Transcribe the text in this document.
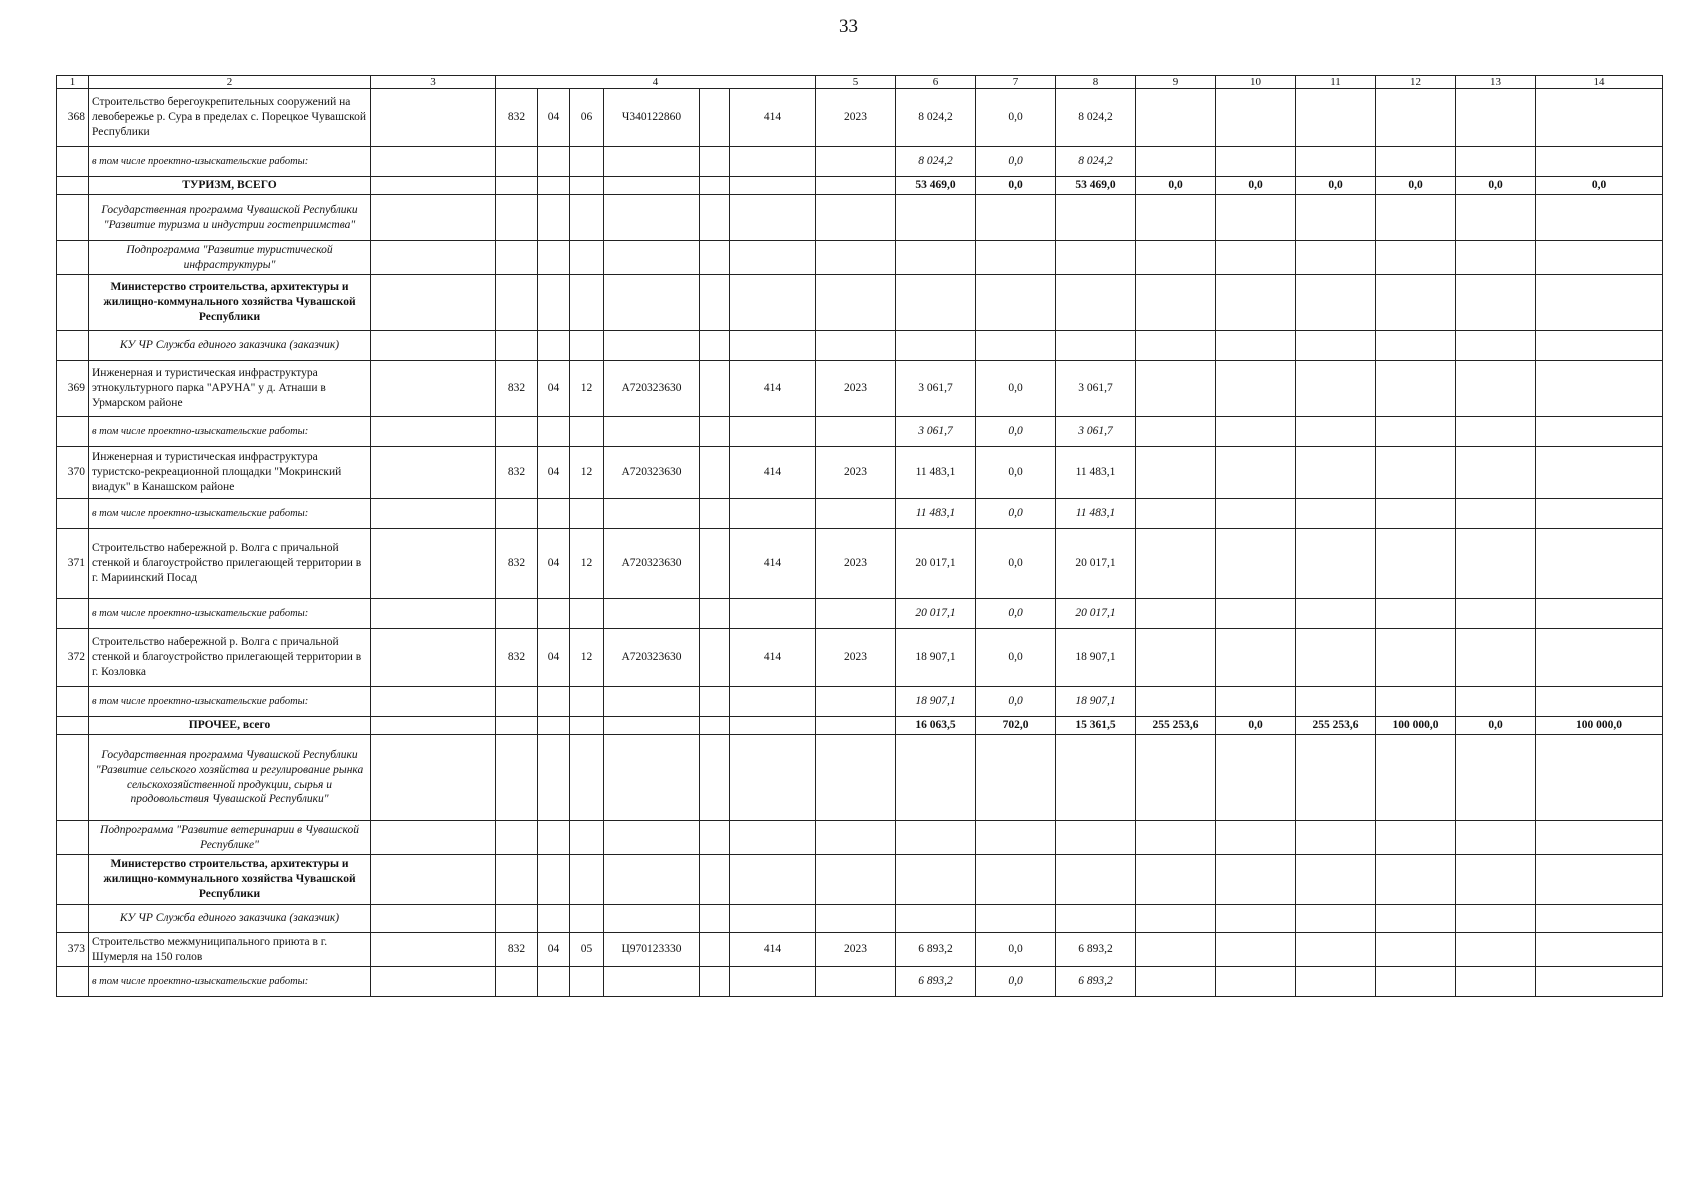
33
1	2	3	4						5	6	7	8	9	10	11	12	13	14
368	Строительство берегоукрепительных сооружений на левобережье р. Сура в пределах с. Порецкое Чувашской Республики		832	04	06	Ч340122860		414	2023	8 024,2	0,0	8 024,2						
	в том числе проектно-изыскательские работы:									8 024,2	0,0	8 024,2						
	ТУРИЗМ, ВСЕГО									53 469,0	0,0	53 469,0	0,0	0,0	0,0	0,0	0,0	0,0
	Государственная программа Чувашской Республики "Развитие туризма и индустрии гостеприимства"																	
	Подпрограмма "Развитие туристической инфраструктуры"																	
	Министерство строительства, архитектуры и жилищно-коммунального хозяйства Чувашской Республики																	
	КУ ЧР Служба единого заказчика (заказчик)																	
369	Инженерная и туристическая инфраструктура этнокультурного парка "АРУНА" у д. Атнаши в Урмарском районе		832	04	12	А720323630		414	2023	3 061,7	0,0	3 061,7						
	в том числе проектно-изыскательские работы:									3 061,7	0,0	3 061,7						
370	Инженерная и туристическая инфраструктура туристско-рекреационной площадки "Мокринский виадук" в Канашском районе		832	04	12	А720323630		414	2023	11 483,1	0,0	11 483,1						
	в том числе проектно-изыскательские работы:									11 483,1	0,0	11 483,1						
371	Строительство набережной р. Волга с причальной стенкой и благоустройство прилегающей территории в г. Мариинский Посад		832	04	12	А720323630		414	2023	20 017,1	0,0	20 017,1						
	в том числе проектно-изыскательские работы:									20 017,1	0,0	20 017,1						
372	Строительство набережной р. Волга с причальной стенкой и благоустройство прилегающей территории в г. Козловка		832	04	12	А720323630		414	2023	18 907,1	0,0	18 907,1						
	в том числе проектно-изыскательские работы:									18 907,1	0,0	18 907,1						
	ПРОЧЕЕ, всего									16 063,5	702,0	15 361,5	255 253,6	0,0	255 253,6	100 000,0	0,0	100 000,0
	Государственная программа Чувашской Республики "Развитие сельского хозяйства и регулирование рынка сельскохозяйственной продукции, сырья и продовольствия Чувашской Республики"																	
	Подпрограмма "Развитие ветеринарии в Чувашской Республике"																	
	Министерство строительства, архитектуры и жилищно-коммунального хозяйства Чувашской Республики																	
	КУ ЧР Служба единого заказчика (заказчик)																	
373	Строительство межмуниципального приюта в г. Шумерля на 150 голов		832	04	05	Ц970123330		414	2023	6 893,2	0,0	6 893,2						
	в том числе проектно-изыскательские работы:									6 893,2	0,0	6 893,2						
